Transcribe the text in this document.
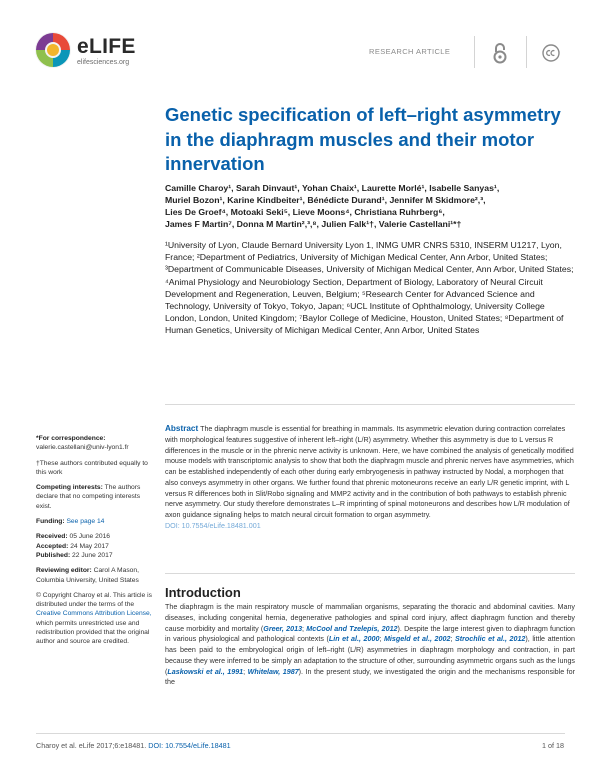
eLIFE
elifesciences.org
RESEARCH ARTICLE
Genetic specification of left–right asymmetry in the diaphragm muscles and their motor innervation
Camille Charoy¹, Sarah Dinvaut¹, Yohan Chaix¹, Laurette Morlé¹, Isabelle Sanyas¹,
Muriel Bozon¹, Karine Kindbeiter¹, Bénédicte Durand¹, Jennifer M Skidmore²,³,
Lies De Groef⁴, Motoaki Seki⁵, Lieve Moons⁴, Christiana Ruhrberg⁶,
James F Martin⁷, Donna M Martin²,³,⁸, Julien Falk¹†, Valerie Castellani¹*†
¹University of Lyon, Claude Bernard University Lyon 1, INMG UMR CNRS 5310, INSERM U1217, Lyon, France; ²Department of Pediatrics, University of Michigan Medical Center, Ann Arbor, United States; ³Department of Communicable Diseases, University of Michigan Medical Center, Ann Arbor, United States; ⁴Animal Physiology and Neurobiology Section, Department of Biology, Laboratory of Neural Circuit Development and Regeneration, Leuven, Belgium; ⁵Research Center for Advanced Science and Technology, University of Tokyo, Tokyo, Japan; ⁶UCL Institute of Ophthalmology, University College London, London, United Kingdom; ⁷Baylor College of Medicine, Houston, United States; ⁸Department of Human Genetics, University of Michigan Medical Center, Ann Arbor, United States
Abstract The diaphragm muscle is essential for breathing in mammals. Its asymmetric elevation during contraction correlates with morphological features suggestive of inherent left–right (L/R) asymmetry. Whether this asymmetry is due to L versus R differences in the muscle or in the phrenic nerve activity is unknown. Here, we have combined the analysis of genetically modified mouse models with transcriptomic analysis to show that both the diaphragm muscle and phrenic nerves have asymmetries, which can be established independently of each other during early embryogenesis in pathway instructed by Nodal, a morphogen that also conveys asymmetry in other organs. We further found that phrenic motoneurons receive an early L/R genetic imprint, with L versus R differences both in Slit/Robo signaling and MMP2 activity and in the contribution of both pathways to establish phrenic nerve asymmetry. Our study therefore demonstrates L–R imprinting of spinal motoneurons and describes how L/R modulation of axon guidance signaling helps to match neural circuit formation to organ asymmetry.
DOI: 10.7554/eLife.18481.001
*For correspondence: valerie.castellani@univ-lyon1.fr
†These authors contributed equally to this work
Competing interests: The authors declare that no competing interests exist.
Funding: See page 14
Received: 05 June 2016
Accepted: 24 May 2017
Published: 22 June 2017
Reviewing editor: Carol A Mason, Columbia University, United States
© Copyright Charoy et al. This article is distributed under the terms of the Creative Commons Attribution License, which permits unrestricted use and redistribution provided that the original author and source are credited.
Introduction

The diaphragm is the main respiratory muscle of mammalian organisms, separating the thoracic and abdominal cavities. Many diseases, including congenital hernia, degenerative pathologies and spinal cord injury, affect diaphragm function and thereby cause morbidity and mortality (Greer, 2013; McCool and Tzelepis, 2012). Despite the large interest given to diaphragm function in various physiological and pathological contexts (Lin et al., 2000; Misgeld et al., 2002; Strochlic et al., 2012), little attention has been paid to the embryological origin of left–right (L/R) asymmetries in diaphragm morphology and contraction, in part because they were inferred to be simply an adaptation to the structure of other, surrounding asymmetric organs such as the lungs (Laskowski et al., 1991; Whitelaw, 1987). In the present study, we investigated the origin and the mechanisms responsible for the

Charoy et al. eLife 2017;6:e18481. DOI: 10.7554/eLife.18481	1 of 18
